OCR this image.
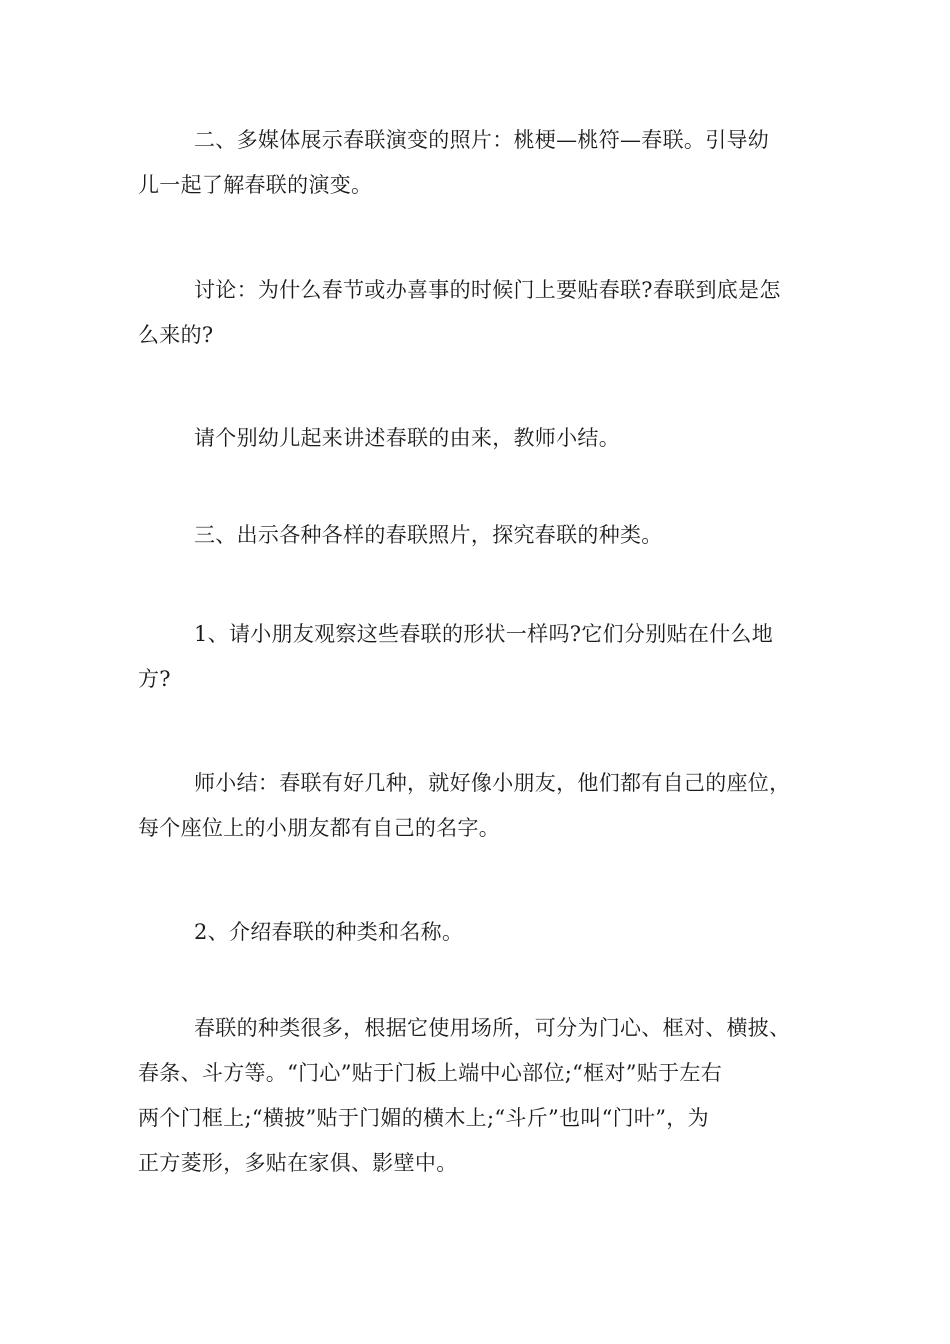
二、多媒体展示春联演变的照片：桃梗—桃符—春联。引导幼
儿一起了解春联的演变。

讨论：为什么春节或办喜事的时候门上要贴春联?春联到底是怎
么来的?

请个别幼儿起来讲述春联的由来，教师小结。

三、出示各种各样的春联照片，探究春联的种类。

1、请小朋友观察这些春联的形状一样吗?它们分别贴在什么地
方?

师小结：春联有好几种，就好像小朋友，他们都有自己的座位，
每个座位上的小朋友都有自己的名字。

2、介绍春联的种类和名称。

春联的种类很多，根据它使用场所，可分为门心、框对、横披、
春条、斗方等。“门心”贴于门板上端中心部位;“框对”贴于左右
两个门框上;“横披”贴于门媚的横木上;“斗斤”也叫“门叶”，为
正方菱形，多贴在家俱、影壁中。
